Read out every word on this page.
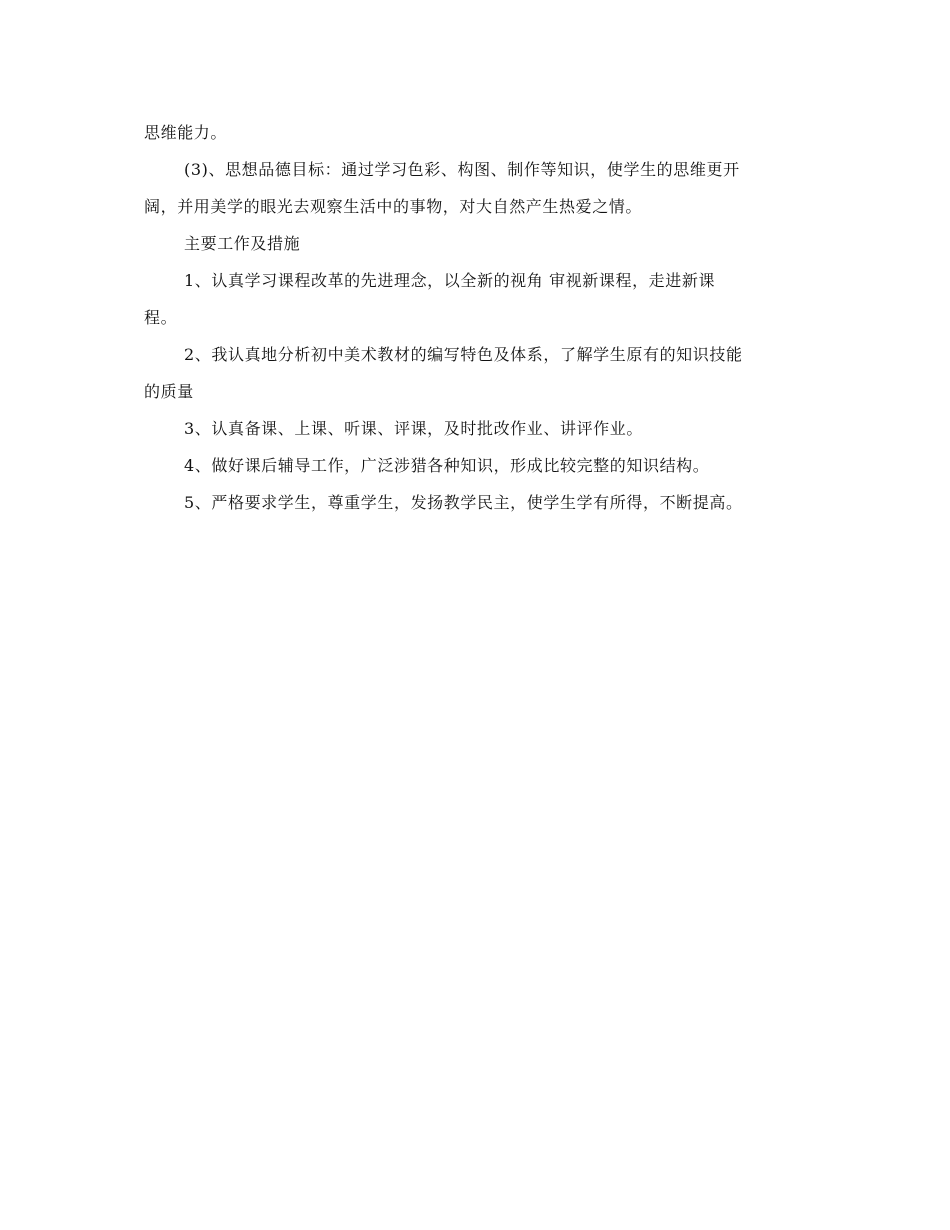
思维能力。

(3)、思想品德目标：通过学习色彩、构图、制作等知识，使学生的思维更开
阔，并用美学的眼光去观察生活中的事物，对大自然产生热爱之情。

主要工作及措施

1、认真学习课程改革的先进理念，以全新的视角 审视新课程，走进新课
程。

2、我认真地分析初中美术教材的编写特色及体系，了解学生原有的知识技能
的质量

3、认真备课、上课、听课、评课，及时批改作业、讲评作业。

4、做好课后辅导工作，广泛涉猎各种知识，形成比较完整的知识结构。

5、严格要求学生，尊重学生，发扬教学民主，使学生学有所得，不断提高。
